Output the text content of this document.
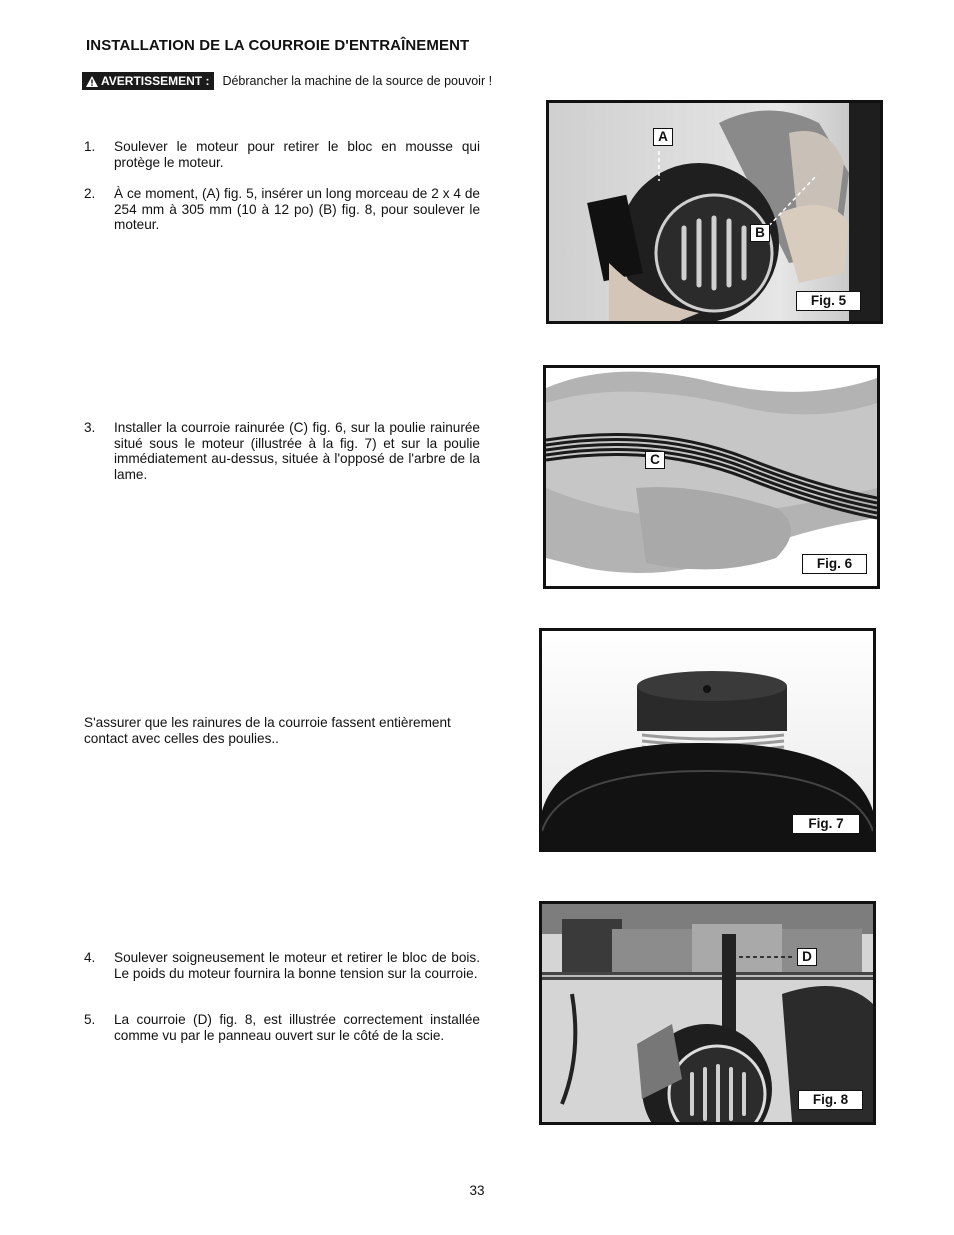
INSTALLATION DE LA COURROIE D'ENTRAÎNEMENT
AVERTISSEMENT : Débrancher la machine de la source de pouvoir !
1.	Soulever le moteur pour retirer le bloc en mousse qui protège le moteur.
2.	À ce moment, (A) fig. 5, insérer un long morceau de 2 x 4 de 254 mm à 305 mm (10 à 12 po) (B) fig. 8, pour soulever le moteur.
3.	Installer la courroie rainurée (C) fig. 6, sur la poulie rainurée situé sous le moteur (illustrée à la fig. 7) et sur la poulie immédiatement au-dessus, située à l'opposé de l'arbre de la lame.
S'assurer que les rainures de la courroie fassent entièrement contact avec celles des poulies..
4.	Soulever soigneusement le moteur et retirer le bloc de bois. Le poids du moteur fournira la bonne tension sur la courroie.
5.	La courroie (D) fig. 8, est illustrée correctement installée comme vu par le panneau ouvert sur le côté de la scie.
A
B
Fig. 5
C
Fig. 6
Fig. 7
D
Fig. 8
33
